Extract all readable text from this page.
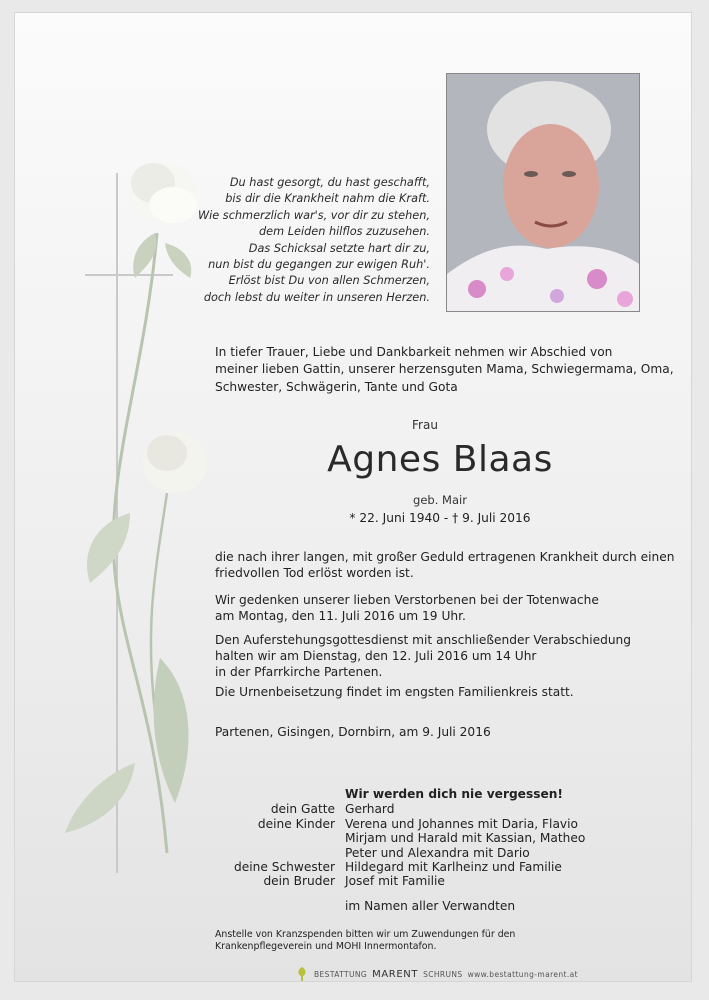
Du hast gesorgt, du hast geschafft,
bis dir die Krankheit nahm die Kraft.
Wie schmerzlich war's, vor dir zu stehen,
dem Leiden hilflos zuzusehen.
Das Schicksal setzte hart dir zu,
nun bist du gegangen zur ewigen Ruh'.
Erlöst bist Du von allen Schmerzen,
doch lebst du weiter in unseren Herzen.
In tiefer Trauer, Liebe und Dankbarkeit nehmen wir Abschied von
meiner lieben Gattin, unserer herzensguten Mama, Schwiegermama, Oma,
Schwester, Schwägerin, Tante und Gota
Frau
Agnes Blaas
geb. Mair
* 22. Juni 1940 - † 9. Juli 2016
die nach ihrer langen, mit großer Geduld ertragenen Krankheit durch einen
friedvollen Tod erlöst worden ist.
Wir gedenken unserer lieben Verstorbenen bei der Totenwache
am Montag, den 11. Juli 2016 um 19 Uhr.
Den Auferstehungsgottesdienst mit anschließender Verabschiedung
halten wir am Dienstag, den 12. Juli 2016 um 14 Uhr
in der Pfarrkirche Partenen.
Die Urnenbeisetzung findet im engsten Familienkreis statt.
Partenen, Gisingen, Dornbirn, am 9. Juli 2016
Wir werden dich nie vergessen!
dein Gatte Gerhard
deine Kinder Verena und Johannes mit Daria, Flavio
Mirjam und Harald mit Kassian, Matheo
Peter und Alexandra mit Dario
deine Schwester Hildegard mit Karlheinz und Familie
dein Bruder Josef mit Familie
im Namen aller Verwandten
Anstelle von Kranzspenden bitten wir um Zuwendungen für den
Krankenpflegeverein und MOHI Innermontafon.
BESTATTUNG MARENT SCHRUNS www.bestattung-marent.at
